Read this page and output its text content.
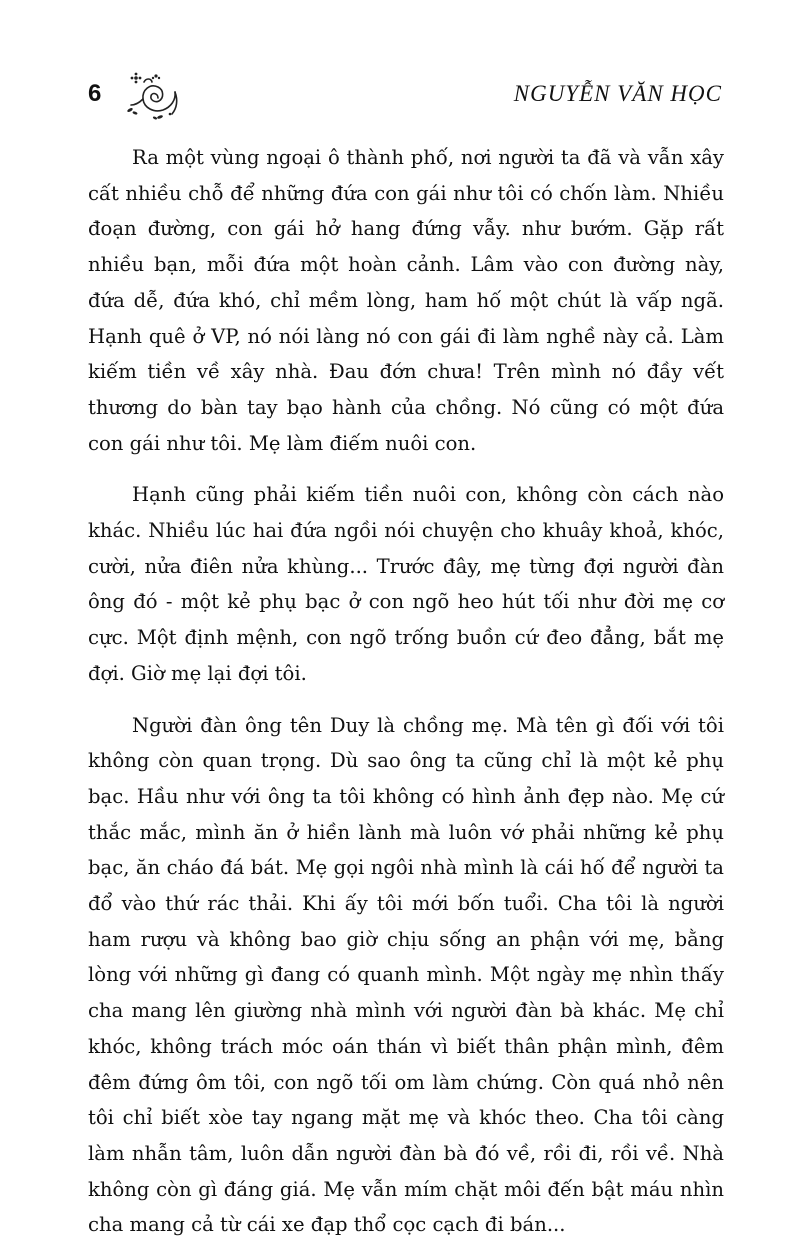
6	NGUYỄN VĂN HỌC

Ra một vùng ngoại ô thành phố, nơi người ta đã và vẫn xây cất nhiều chỗ để những đứa con gái như tôi có chốn làm. Nhiều đoạn đường, con gái hở hang đứng vẫy. như bướm. Gặp rất nhiều bạn, mỗi đứa một hoàn cảnh. Lâm vào con đường này, đứa dễ, đứa khó, chỉ mềm lòng, ham hố một chút là vấp ngã. Hạnh quê ở VP, nó nói làng nó con gái đi làm nghề này cả. Làm kiếm tiền về xây nhà. Đau đớn chưa! Trên mình nó đầy vết thương do bàn tay bạo hành của chồng. Nó cũng có một đứa con gái như tôi. Mẹ làm điếm nuôi con.

Hạnh cũng phải kiếm tiền nuôi con, không còn cách nào khác. Nhiều lúc hai đứa ngồi nói chuyện cho khuây khoả, khóc, cười, nửa điên nửa khùng... Trước đây, mẹ từng đợi người đàn ông đó - một kẻ phụ bạc ở con ngõ heo hút tối như đời mẹ cơ cực. Một định mệnh, con ngõ trống buồn cứ đeo đẳng, bắt mẹ đợi. Giờ mẹ lại đợi tôi.

Người đàn ông tên Duy là chồng mẹ. Mà tên gì đối với tôi không còn quan trọng. Dù sao ông ta cũng chỉ là một kẻ phụ bạc. Hầu như với ông ta tôi không có hình ảnh đẹp nào. Mẹ cứ thắc mắc, mình ăn ở hiền lành mà luôn vớ phải những kẻ phụ bạc, ăn cháo đá bát. Mẹ gọi ngôi nhà mình là cái hố để người ta đổ vào thứ rác thải. Khi ấy tôi mới bốn tuổi. Cha tôi là người ham rượu và không bao giờ chịu sống an phận với mẹ, bằng lòng với những gì đang có quanh mình. Một ngày mẹ nhìn thấy cha mang lên giường nhà mình với người đàn bà khác. Mẹ chỉ khóc, không trách móc oán thán vì biết thân phận mình, đêm đêm đứng ôm tôi, con ngõ tối om làm chứng. Còn quá nhỏ nên tôi chỉ biết xòe tay ngang mặt mẹ và khóc theo. Cha tôi càng làm nhẫn tâm, luôn dẫn người đàn bà đó về, rồi đi, rồi về. Nhà không còn gì đáng giá. Mẹ vẫn mím chặt môi đến bật máu nhìn cha mang cả từ cái xe đạp thổ cọc cạch đi bán...
